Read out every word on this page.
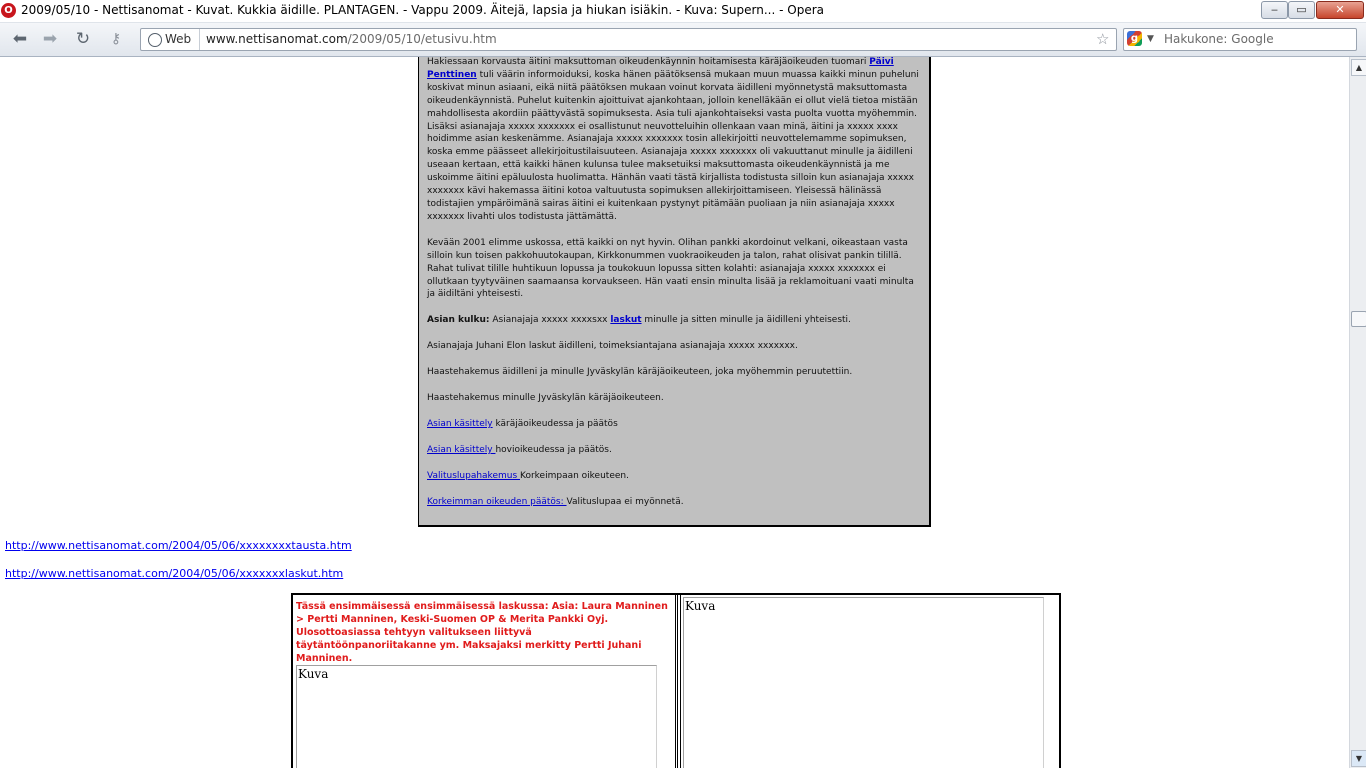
O 2009/05/10 - Nettisanomat - Kuvat. Kukkia äidille. PLANTAGEN. - Vappu 2009. Äitejä, lapsia ja hiukan isiäkin. - Kuva: Supern... - Opera	‒	▭	✕
⬅ ➡ ↻	⚷	Web www.nettisanomat.com/2009/05/10/etusivu.htm	☆	g ▼ Hakukone: Google

Hakiessaan korvausta äitini maksuttoman oikeudenkäynnin hoitamisesta käräjäoikeuden tuomari Päivi Penttinen tuli väärin informoiduksi, koska hänen päätöksensä mukaan muun muassa kaikki minun puheluni koskivat minun asiaani, eikä niitä päätöksen mukaan voinut korvata äidilleni myönnetystä maksuttomasta oikeudenkäynnistä. Puhelut kuitenkin ajoittuivat ajankohtaan, jolloin kenelläkään ei ollut vielä tietoa mistään mahdollisesta akordiin päättyvästä sopimuksesta. Asia tuli ajankohtaiseksi vasta puolta vuotta myöhemmin. Lisäksi asianajaja xxxxx xxxxxxx ei osallistunut neuvotteluihin ollenkaan vaan minä, äitini ja xxxxx xxxx hoidimme asian keskenämme. Asianajaja xxxxx xxxxxxx tosin allekirjoitti neuvottelemamme sopimuksen, koska emme päässeet allekirjoitustilaisuuteen. Asianajaja xxxxx xxxxxxx oli vakuuttanut minulle ja äidilleni useaan kertaan, että kaikki hänen kulunsa tulee maksetuiksi maksuttomasta oikeudenkäynnistä ja me uskoimme äitini epäluulosta huolimatta. Hänhän vaati tästä kirjallista todistusta silloin kun asianajaja xxxxx xxxxxxx kävi hakemassa äitini kotoa valtuutusta sopimuksen allekirjoittamiseen. Yleisessä hälinässä todistajien ympäröimänä sairas äitini ei kuitenkaan pystynyt pitämään puoliaan ja niin asianajaja xxxxx xxxxxxx livahti ulos todistusta jättämättä.

Kevään 2001 elimme uskossa, että kaikki on nyt hyvin. Olihan pankki akordoinut velkani, oikeastaan vasta silloin kun toisen pakkohuutokaupan, Kirkkonummen vuokraoikeuden ja talon, rahat olisivat pankin tilillä. Rahat tulivat tilille huhtikuun lopussa ja toukokuun lopussa sitten kolahti: asianajaja xxxxx xxxxxxx ei ollutkaan tyytyväinen saamaansa korvaukseen. Hän vaati ensin minulta lisää ja reklamoituani vaati minulta ja äidiltäni yhteisesti.

Asian kulku: Asianajaja xxxxx xxxxsxx laskut minulle ja sitten minulle ja äidilleni yhteisesti.

Asianajaja Juhani Elon laskut äidilleni, toimeksiantajana asianajaja xxxxx xxxxxxx.

Haastehakemus äidilleni ja minulle Jyväskylän käräjäoikeuteen, joka myöhemmin peruutettiin.

Haastehakemus minulle Jyväskylän käräjäoikeuteen.

Asian käsittely käräjäoikeudessa ja päätös

Asian käsittely hovioikeudessa ja päätös.

Valituslupahakemus Korkeimpaan oikeuteen.

Korkeimman oikeuden päätös: Valituslupaa ei myönnetä.

http://www.nettisanomat.com/2004/05/06/xxxxxxxxtausta.htm
http://www.nettisanomat.com/2004/05/06/xxxxxxxlaskut.htm
Tässä ensimmäisessä ensimmäisessä laskussa: Asia: Laura Manninen > Pertti Manninen, Keski-Suomen OP & Merita Pankki Oyj. Ulosottoasiassa tehtyyn valitukseen liittyvä täytäntöönpanoriitakanne ym. Maksajaksi merkitty Pertti Juhani Manninen.
Kuva
Kuva
▲
▼
